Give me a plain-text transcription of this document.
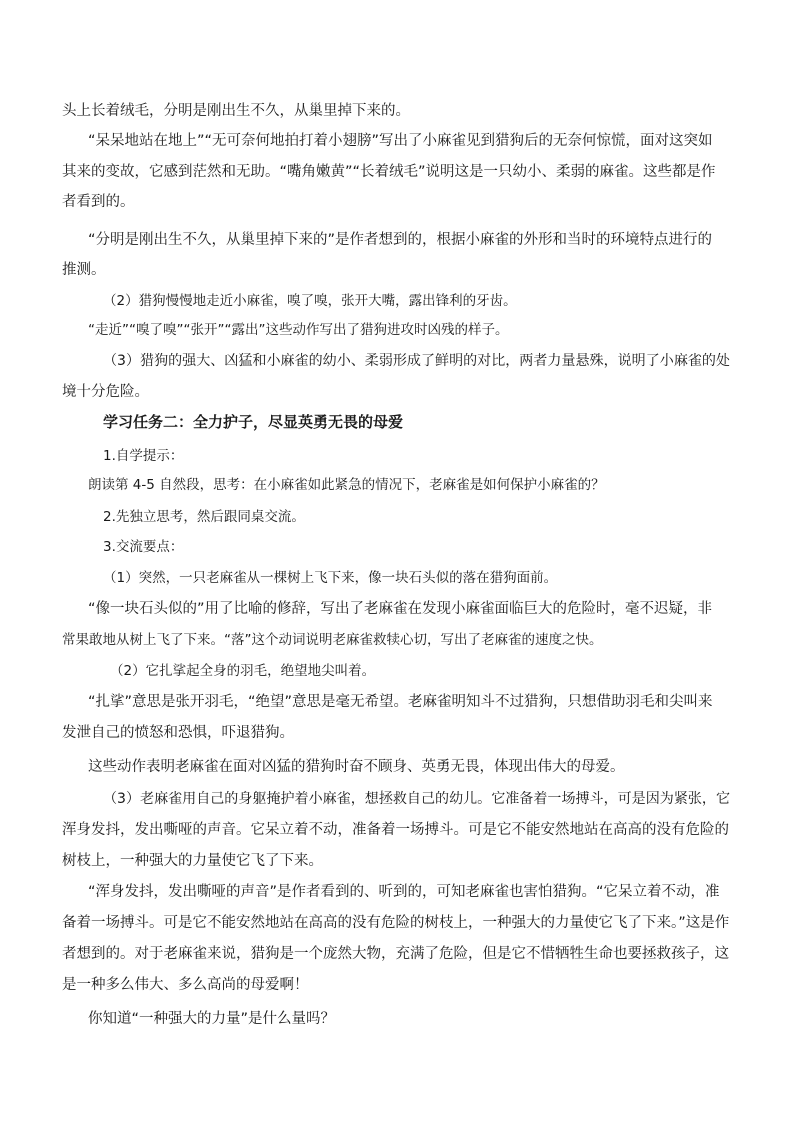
头上长着绒毛，分明是刚出生不久，从巢里掉下来的。
“呆呆地站在地上”“无可奈何地拍打着小翅膀”写出了小麻雀见到猎狗后的无奈何惊慌，面对这突如
其来的变故，它感到茫然和无助。“嘴角嫩黄”“长着绒毛”说明这是一只幼小、柔弱的麻雀。这些都是作
者看到的。
“分明是刚出生不久，从巢里掉下来的”是作者想到的，根据小麻雀的外形和当时的环境特点进行的
推测。
（2）猎狗慢慢地走近小麻雀，嗅了嗅，张开大嘴，露出锋利的牙齿。
“走近”“嗅了嗅”“张开”“露出”这些动作写出了猎狗进攻时凶残的样子。
（3）猎狗的强大、凶猛和小麻雀的幼小、柔弱形成了鲜明的对比，两者力量悬殊，说明了小麻雀的处
境十分危险。
学习任务二：全力护子，尽显英勇无畏的母爱
1.自学提示：
朗读第 4-5 自然段，思考：在小麻雀如此紧急的情况下，老麻雀是如何保护小麻雀的？
2.先独立思考，然后跟同桌交流。
3.交流要点：
（1）突然，一只老麻雀从一棵树上飞下来，像一块石头似的落在猎狗面前。
“像一块石头似的”用了比喻的修辞，写出了老麻雀在发现小麻雀面临巨大的危险时，毫不迟疑，非
常果敢地从树上飞了下来。“落”这个动词说明老麻雀救犊心切，写出了老麻雀的速度之快。
（2）它扎挲起全身的羽毛，绝望地尖叫着。
“扎挲”意思是张开羽毛，“绝望”意思是毫无希望。老麻雀明知斗不过猎狗，只想借助羽毛和尖叫来
发泄自己的愤怒和恐惧，吓退猎狗。
这些动作表明老麻雀在面对凶猛的猎狗时奋不顾身、英勇无畏，体现出伟大的母爱。
（3）老麻雀用自己的身躯掩护着小麻雀，想拯救自己的幼儿。它准备着一场搏斗，可是因为紧张，它
浑身发抖，发出嘶哑的声音。它呆立着不动，准备着一场搏斗。可是它不能安然地站在高高的没有危险的
树枝上，一种强大的力量使它飞了下来。
“浑身发抖，发出嘶哑的声音”是作者看到的、听到的，可知老麻雀也害怕猎狗。“它呆立着不动，准
备着一场搏斗。可是它不能安然地站在高高的没有危险的树枝上，一种强大的力量使它飞了下来。”这是作
者想到的。对于老麻雀来说，猎狗是一个庞然大物，充满了危险，但是它不惜牺牲生命也要拯救孩子，这
是一种多么伟大、多么高尚的母爱啊！
你知道“一种强大的力量”是什么量吗？
